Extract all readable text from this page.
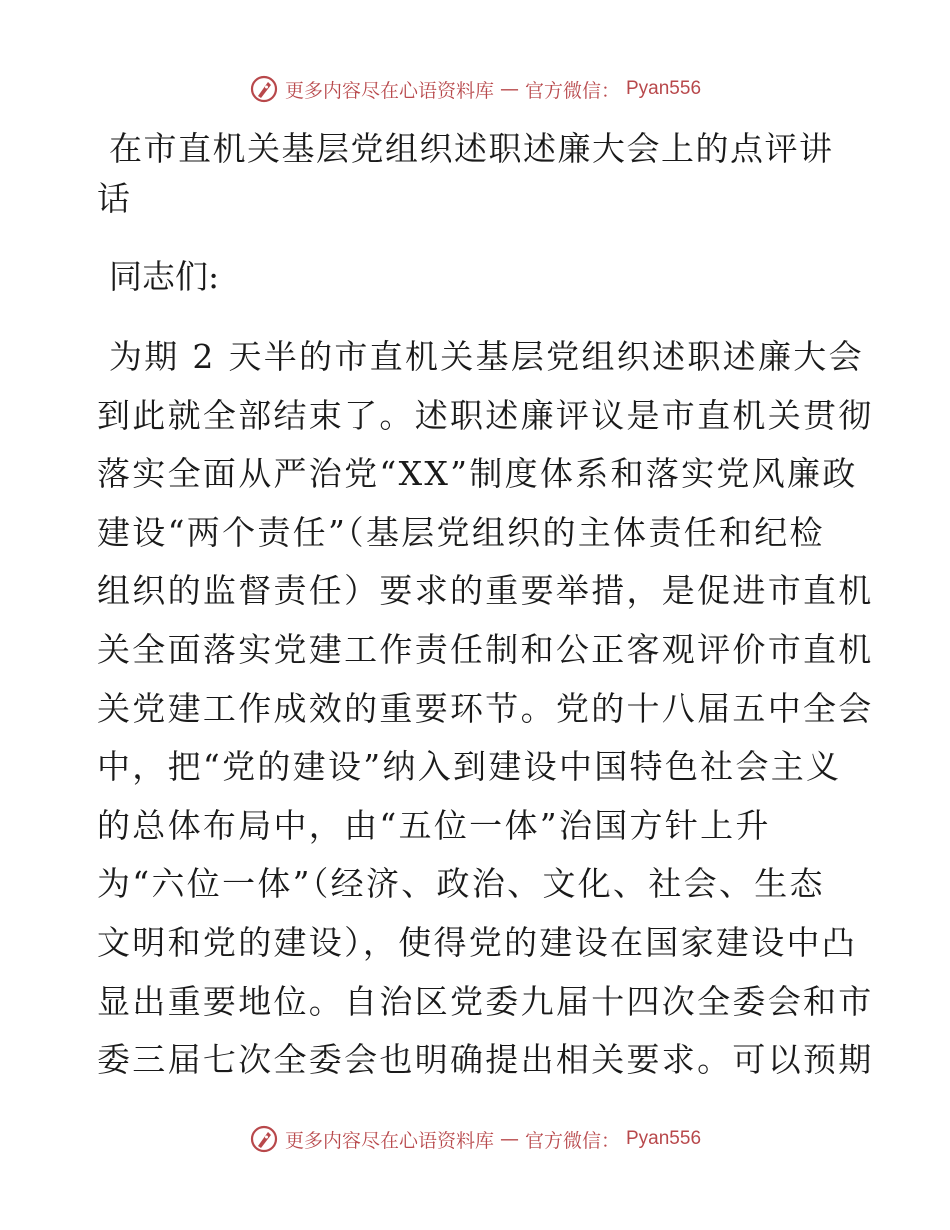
更多内容尽在心语资料库 — 官方微信： Pyan556
在市直机关基层党组织述职述廉大会上的点评讲
话

同志们:

为期 2 天半的市直机关基层党组织述职述廉大会
到此就全部结束了。述职述廉评议是市直机关贯彻
落实全面从严治党“XX”制度体系和落实党风廉政
建设“两个责任”（基层党组织的主体责任和纪检
组织的监督责任）要求的重要举措，是促进市直机
关全面落实党建工作责任制和公正客观评价市直机
关党建工作成效的重要环节。党的十八届五中全会
中，把“党的建设”纳入到建设中国特色社会主义
的总体布局中，由“五位一体”治国方针上升
为“六位一体”（经济、政治、文化、社会、生态
文明和党的建设），使得党的建设在国家建设中凸
显出重要地位。自治区党委九届十四次全委会和市
委三届七次全委会也明确提出相关要求。可以预期

更多内容尽在心语资料库 — 官方微信： Pyan556
